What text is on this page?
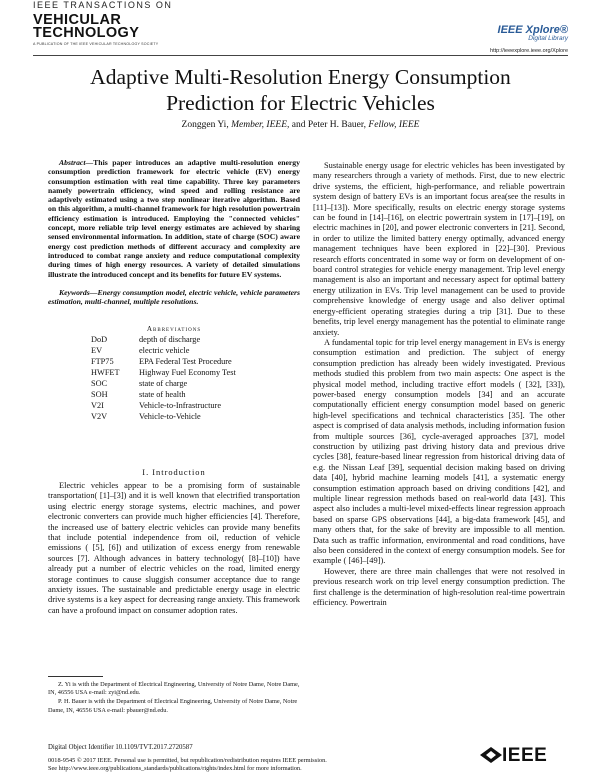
IEEE TRANSACTIONS ON
VEHICULAR
TECHNOLOGY
A PUBLICATION OF THE IEEE VEHICULAR TECHNOLOGY SOCIETY
IEEE Xplore®
Digital Library
http://ieeexplore.ieee.org/Xplore
Adaptive Multi-Resolution Energy Consumption
Prediction for Electric Vehicles
Zonggen Yi, Member, IEEE, and Peter H. Bauer, Fellow, IEEE

Abstract—This paper introduces an adaptive multi-resolution energy consumption prediction framework for electric vehicle (EV) energy consumption estimation with real time capability. Three key parameters namely powertrain efficiency, wind speed and rolling resistance are adaptively estimated using a two step nonlinear iterative algorithm. Based on this algorithm, a multi-channel framework for high resolution powertrain efficiency estimation is introduced. Employing the "connected vehicles" concept, more reliable trip level energy estimates are achieved by sharing sensed environmental information. In addition, state of charge (SOC) aware energy cost prediction methods of different accuracy and complexity are introduced to combat range anxiety and reduce computational complexity during times of high energy resources. A variety of detailed simulations illustrate the introduced concept and its benefits for future EV systems.

Keywords—Energy consumption model, electric vehicle, vehicle parameters estimation, multi-channel, multiple resolutions.

Abbreviations
DoD	depth of discharge
EV	electric vehicle
FTP75	EPA Federal Test Procedure
HWFET	Highway Fuel Economy Test
SOC	state of charge
SOH	state of health
V2I	Vehicle-to-Infrastructure
V2V	Vehicle-to-Vehicle
I. Introduction

Electric vehicles appear to be a promising form of sustainable transportation( [1]–[3]) and it is well known that electrified transportation using electric energy storage systems, electric machines, and power electronic converters can provide much higher efficiencies [4]. Therefore, the increased use of battery electric vehicles can provide many benefits that include potential independence from oil, reduction of vehicle emissions ( [5], [6]) and utilization of excess energy from renewable sources [7]. Although advances in battery technology( [8]–[10]) have already put a number of electric vehicles on the road, limited energy storage continues to cause sluggish consumer acceptance due to range anxiety issues. The sustainable and predictable energy usage in electric drive systems is a key aspect for decreasing range anxiety. This framework can have a profound impact on consumer adoption rates.

Z. Yi is with the Department of Electrical Engineering, University of Notre Dame, Notre Dame, IN, 46556 USA e-mail: zyi@nd.edu.

P. H. Bauer is with the Department of Electrical Engineering, University of Notre Dame, Notre Dame, IN, 46556 USA e-mail: pbauer@nd.edu.

Sustainable energy usage for electric vehicles has been investigated by many researchers through a variety of methods. First, due to new electric drive systems, the efficient, high-performance, and reliable powertrain system design of battery EVs is an important focus area(see the results in [11]–[13]). More specifically, results on electric energy storage systems can be found in [14]–[16], on electric powertrain system in [17]–[19], on electric machines in [20], and power electronic converters in [21]. Second, in order to utilize the limited battery energy optimally, advanced energy management techniques have been explored in [22]–[30]. Previous research efforts concentrated in some way or form on development of on-board control strategies for vehicle energy management. Trip level energy management is also an important and necessary aspect for optimal battery energy utilization in EVs. Trip level management can be used to provide comprehensive knowledge of energy usage and also deliver optimal energy-efficient operating strategies during a trip [31]. Due to these benefits, trip level energy management has the potential to eliminate range anxiety.

A fundamental topic for trip level energy management in EVs is energy consumption estimation and prediction. The subject of energy consumption prediction has already been widely investigated. Previous methods studied this problem from two main aspects: One aspect is the physical model method, including tractive effort models ( [32], [33]), power-based energy consumption models [34] and an accurate computationally efficient energy consumption model based on generic high-level specifications and technical characteristics [35]. The other aspect is comprised of data analysis methods, including information fusion from multiple sources [36], cycle-averaged approaches [37], model construction by utilizing past driving history data and previous drive cycles [38], feature-based linear regression from historical driving data of e.g. the Nissan Leaf [39], sequential decision making based on driving data [40], hybrid machine learning models [41], a systematic energy consumption estimation approach based on driving conditions [42], and multiple linear regression methods based on real-world data [43]. This aspect also includes a multi-level mixed-effects linear regression approach based on sparse GPS observations [44], a big-data framework [45], and many others that, for the sake of brevity are impossible to all mention. Data such as traffic information, environmental and road conditions, have also been considered in the context of energy consumption models. See for example ( [46]–[49]).

However, there are three main challenges that were not resolved in previous research work on trip level energy consumption prediction. The first challenge is the determination of high-resolution real-time powertrain efficiency. Powertrain

Digital Object Identifier 10.1109/TVT.2017.2720587
0018-9545 © 2017 IEEE. Personal use is permitted, but republication/redistribution requires IEEE permission.
See http://www.ieee.org/publications_standards/publications/rights/index.html for more information.
IEEE
